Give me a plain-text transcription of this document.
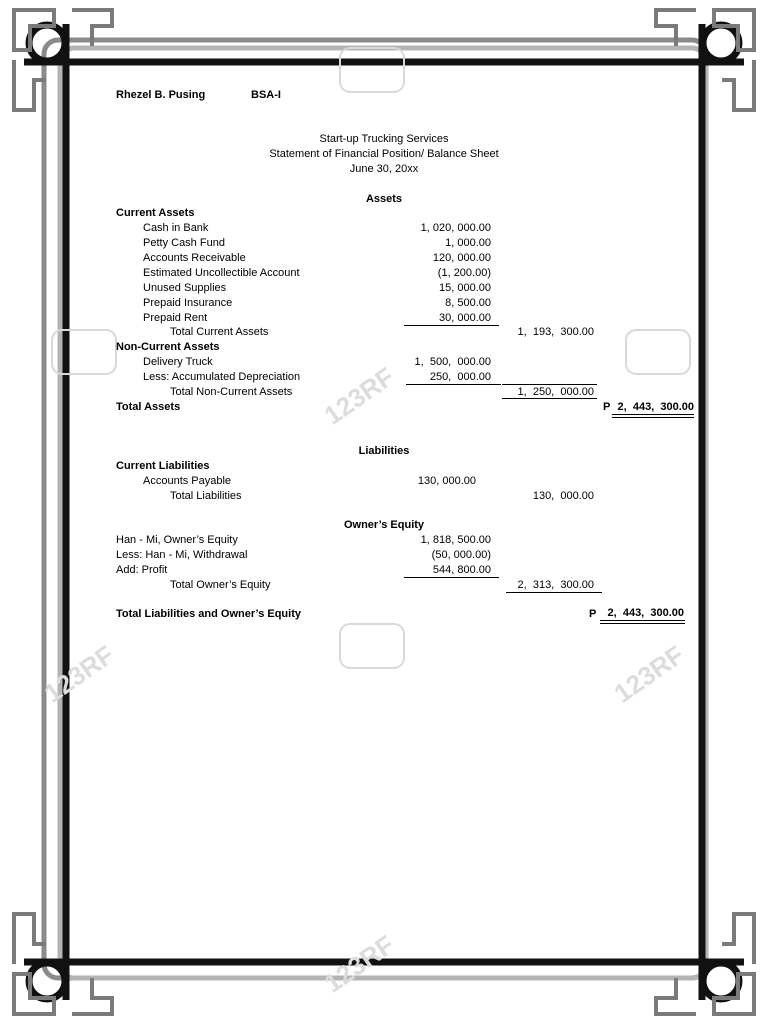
Rhezel B. Pusing	BSA-I
Start-up Trucking Services
Statement of Financial Position/ Balance Sheet
June 30, 20xx
Assets
Current Assets
Cash in Bank	1, 020, 000.00
Petty Cash Fund	1, 000.00
Accounts Receivable	120, 000.00
Estimated Uncollectible Account	(1, 200.00)
Unused Supplies	15, 000.00
Prepaid Insurance	8, 500.00
Prepaid Rent	30, 000.00
Total Current Assets	1,  193,  300.00
Non-Current Assets
Delivery Truck	1,  500,  000.00
Less: Accumulated Depreciation	250,  000.00
Total Non-Current Assets	1,  250,  000.00
Total Assets	P 2,  443,  300.00
Liabilities
Current Liabilities
Accounts Payable	130, 000.00
Total Liabilities	130,  000.00
Owner’s Equity
Han - Mi, Owner’s Equity	1, 818, 500.00
Less: Han - Mi, Withdrawal	(50, 000.00)
Add: Profit	544, 800.00
Total Owner’s Equity	2,  313,  300.00
Total Liabilities and Owner’s Equity	P	2,  443,  300.00
123RF
123RF	123RF
123RF
